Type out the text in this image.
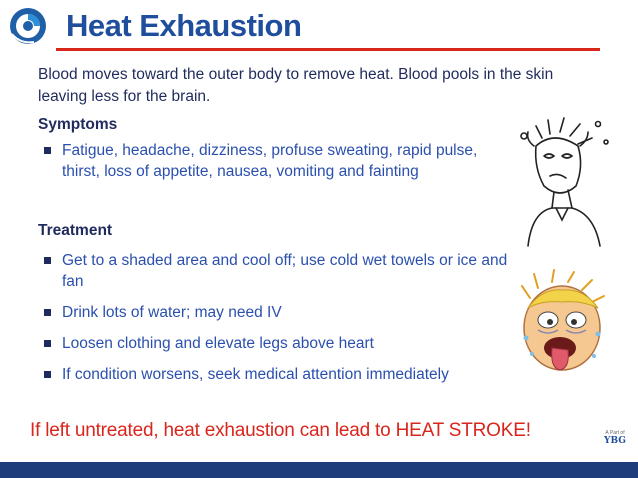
Heat Exhaustion

Blood moves toward the outer body to remove heat. Blood pools in the skin leaving less for the brain.

Symptoms
Fatigue, headache, dizziness, profuse sweating, rapid pulse, thirst, loss of appetite, nausea, vomiting and fainting
Treatment
Get to a shaded area and cool off; use cold wet towels or ice and fan
Drink lots of water; may need IV
Loosen clothing and elevate legs above heart
If condition worsens, seek medical attention immediately

If left untreated, heat exhaustion can lead to HEAT STROKE!	A Part of
YBG
